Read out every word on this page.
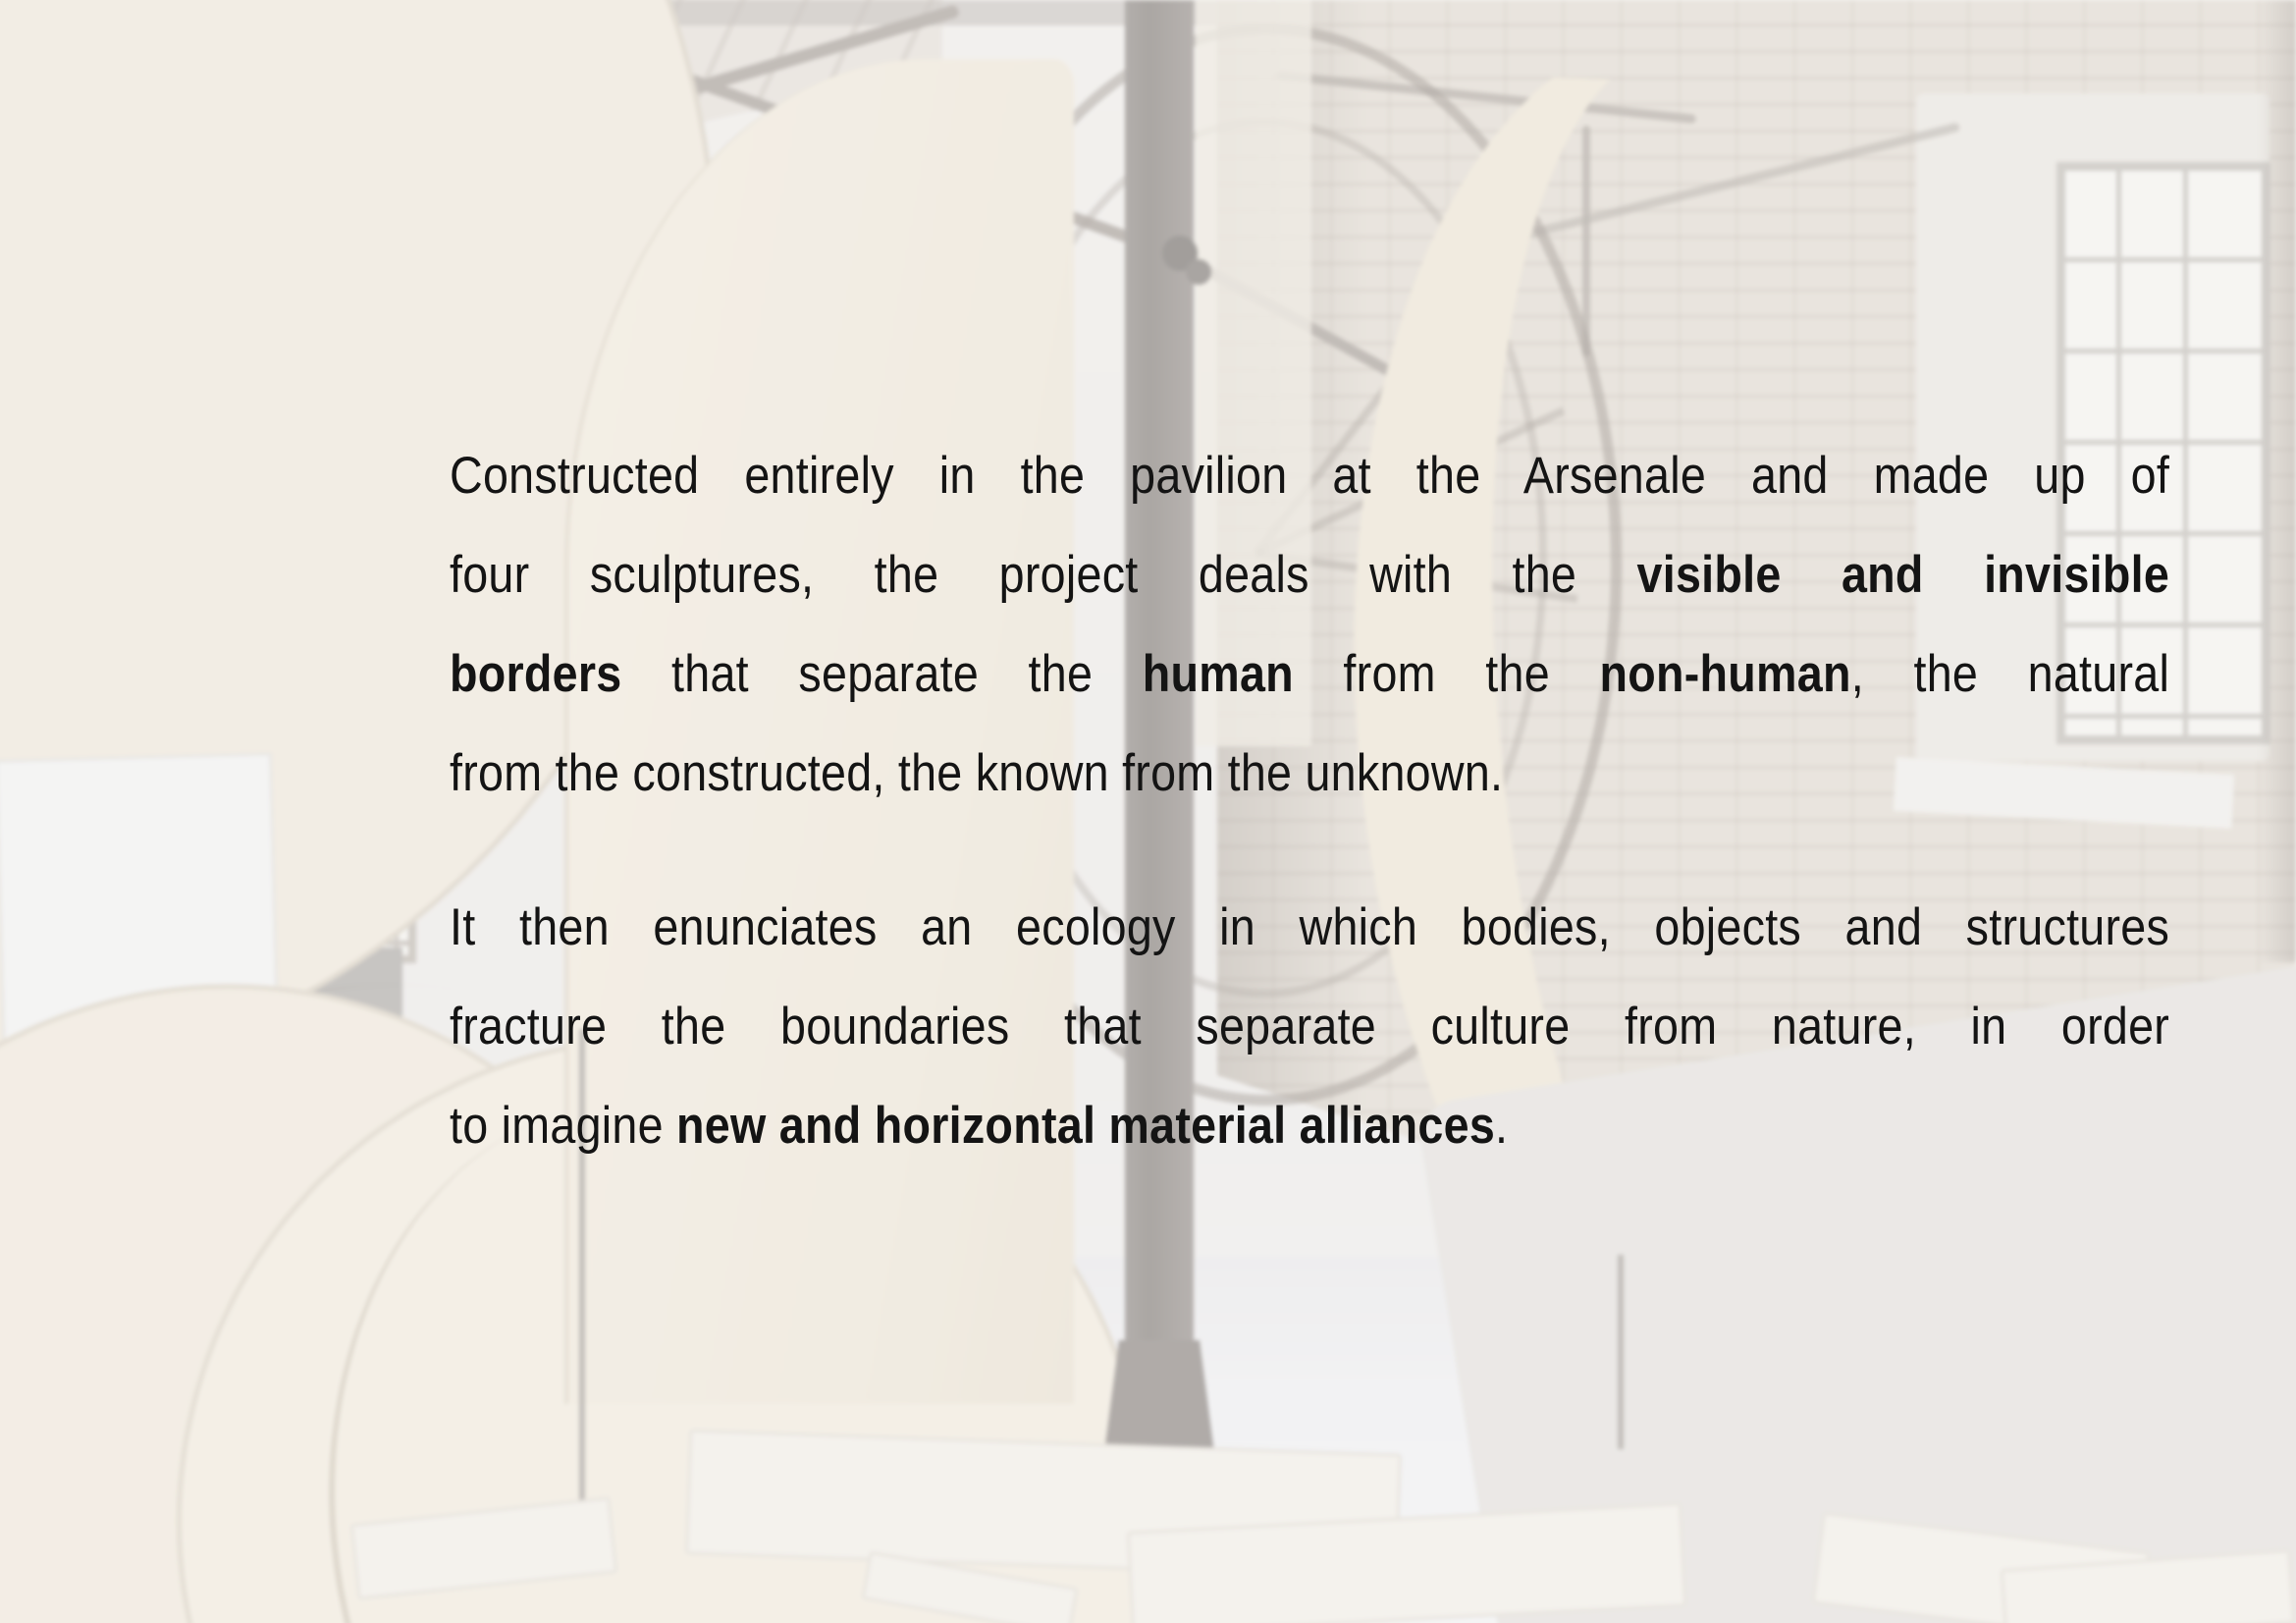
Constructed entirely in the pavilion at the Arsenale and made up of
four sculptures, the project deals with the visible and invisible
borders that separate the human from the non-human, the natural
from the constructed, the known from the unknown.
It then enunciates an ecology in which bodies, objects and structures
fracture the boundaries that separate culture from nature, in order
to imagine new and horizontal material alliances.
